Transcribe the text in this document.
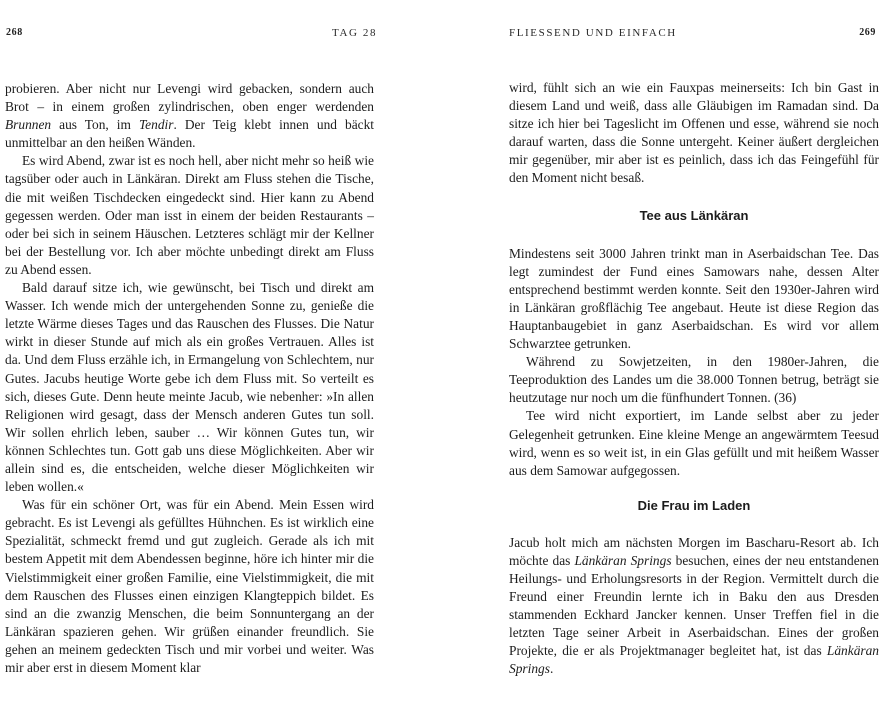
268	TAG 28

probieren. Aber nicht nur Levengi wird gebacken, sondern auch Brot – in einem großen zylindrischen, oben enger werdenden Brunnen aus Ton, im Tendir. Der Teig klebt innen und bäckt unmittelbar an den heißen Wänden.

Es wird Abend, zwar ist es noch hell, aber nicht mehr so heiß wie tagsüber oder auch in Länkäran. Direkt am Fluss stehen die Tische, die mit weißen Tischdecken eingedeckt sind. Hier kann zu Abend gegessen werden. Oder man isst in einem der beiden Restaurants – oder bei sich in seinem Häuschen. Letzteres schlägt mir der Kellner bei der Bestellung vor. Ich aber möchte unbedingt direkt am Fluss zu Abend essen.

Bald darauf sitze ich, wie gewünscht, bei Tisch und direkt am Wasser. Ich wende mich der untergehenden Sonne zu, genieße die letzte Wärme dieses Tages und das Rauschen des Flusses. Die Natur wirkt in dieser Stunde auf mich als ein großes Vertrauen. Alles ist da. Und dem Fluss erzähle ich, in Ermangelung von Schlechtem, nur Gutes. Jacubs heutige Worte gebe ich dem Fluss mit. So verteilt es sich, dieses Gute. Denn heute meinte Jacub, wie nebenher: »In allen Religionen wird gesagt, dass der Mensch anderen Gutes tun soll. Wir sollen ehrlich leben, sauber … Wir können Gutes tun, wir können Schlechtes tun. Gott gab uns diese Möglichkeiten. Aber wir allein sind es, die entscheiden, welche dieser Möglichkeiten wir leben wollen.«

Was für ein schöner Ort, was für ein Abend. Mein Essen wird gebracht. Es ist Levengi als gefülltes Hühnchen. Es ist wirklich eine Spezialität, schmeckt fremd und gut zugleich. Gerade als ich mit bestem Appetit mit dem Abendessen beginne, höre ich hinter mir die Vielstimmigkeit einer großen Familie, eine Vielstimmigkeit, die mit dem Rauschen des Flusses einen einzigen Klangteppich bildet. Es sind an die zwanzig Menschen, die beim Sonnuntergang an der Länkäran spazieren gehen. Wir grüßen einander freundlich. Sie gehen an meinem gedeckten Tisch und mir vorbei und weiter. Was mir aber erst in diesem Moment klar

FLIESSEND UND EINFACH	269

wird, fühlt sich an wie ein Fauxpas meinerseits: Ich bin Gast in diesem Land und weiß, dass alle Gläubigen im Ramadan sind. Da sitze ich hier bei Tageslicht im Offenen und esse, während sie noch darauf warten, dass die Sonne untergeht. Keiner äußert dergleichen mir gegenüber, mir aber ist es peinlich, dass ich das Feingefühl für den Moment nicht besaß.

Tee aus Länkäran

Mindestens seit 3000 Jahren trinkt man in Aserbaidschan Tee. Das legt zumindest der Fund eines Samowars nahe, dessen Alter entsprechend bestimmt werden konnte. Seit den 1930er-Jahren wird in Länkäran großflächig Tee angebaut. Heute ist diese Region das Hauptanbaugebiet in ganz Aserbaidschan. Es wird vor allem Schwarztee getrunken.

Während zu Sowjetzeiten, in den 1980er-Jahren, die Teeproduktion des Landes um die 38.000 Tonnen betrug, beträgt sie heutzutage nur noch um die fünfhundert Tonnen. (36)

Tee wird nicht exportiert, im Lande selbst aber zu jeder Gelegenheit getrunken. Eine kleine Menge an angewärmtem Teesud wird, wenn es so weit ist, in ein Glas gefüllt und mit heißem Wasser aus dem Samowar aufgegossen.

Die Frau im Laden

Jacub holt mich am nächsten Morgen im Bascharu-Resort ab. Ich möchte das Länkäran Springs besuchen, eines der neu entstandenen Heilungs- und Erholungsresorts in der Region. Vermittelt durch die Freund einer Freundin lernte ich in Baku den aus Dresden stammenden Eckhard Jancker kennen. Unser Treffen fiel in die letzten Tage seiner Arbeit in Aserbaidschan. Eines der großen Projekte, die er als Projektmanager begleitet hat, ist das Länkäran Springs.
